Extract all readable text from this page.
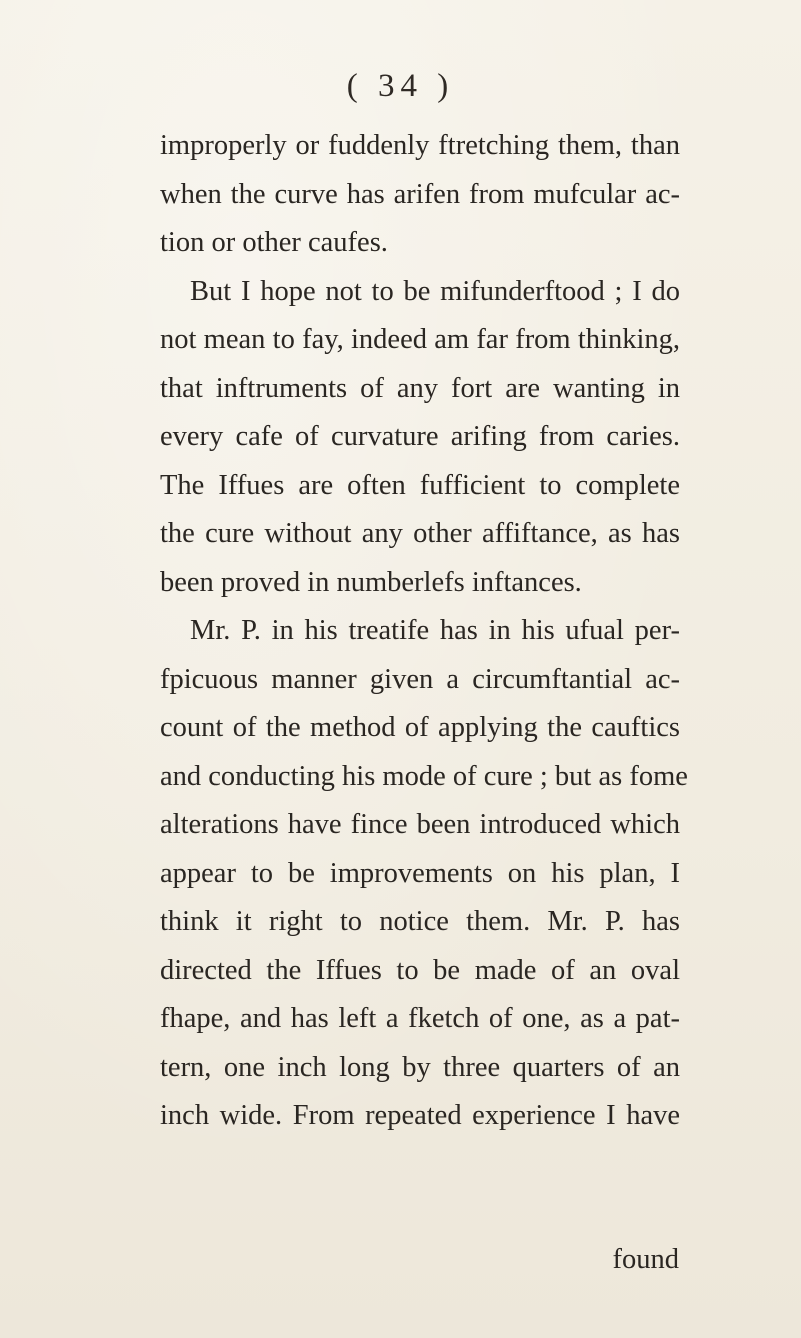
( 34 )
improperly or fuddenly ftretching them, than
when the curve has arifen from mufcular ac-
tion or other caufes.
But I hope not to be mifunderftood ; I do
not mean to fay, indeed am far from thinking,
that inftruments of any fort are wanting in
every cafe of curvature arifing from caries.
The Iffues are often fufficient to complete
the cure without any other affiftance, as has
been proved in numberlefs inftances.
Mr. P. in his treatife has in his ufual per-
fpicuous manner given a circumftantial ac-
count of the method of applying the cauftics
and conducting his mode of cure ; but as fome
alterations have fince been introduced which
appear to be improvements on his plan, I
think it right to notice them. Mr. P. has
directed the Iffues to be made of an oval
fhape, and has left a fketch of one, as a pat-
tern, one inch long by three quarters of an
inch wide. From repeated experience I have
found
